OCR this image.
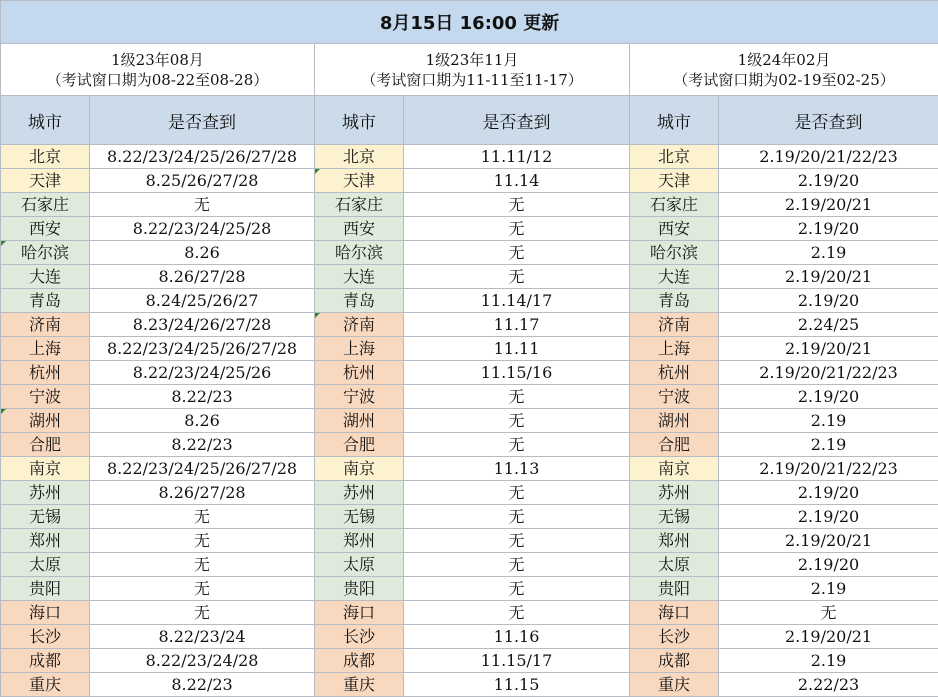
8月15日 16:00 更新					

1级23年08月
（考试窗口期为08-22至08-28）		1级23年11月
（考试窗口期为11-11至11-17）		1级24年02月
（考试窗口期为02-19至02-25）	

城市	是否查到	城市	是否查到	城市	是否查到
北京	8.22/23/24/25/26/27/28	北京	11.11/12	北京	2.19/20/21/22/23
天津	8.25/26/27/28	天津	11.14	天津	2.19/20
石家庄	无	石家庄	无	石家庄	2.19/20/21
西安	8.22/23/24/25/28	西安	无	西安	2.19/20

哈尔滨	8.26	哈尔滨	无	哈尔滨	2.19
大连	8.26/27/28	大连	无	大连	2.19/20/21
青岛	8.24/25/26/27	青岛	11.14/17	青岛	2.19/20
济南	8.23/24/26/27/28	济南	11.17	济南	2.24/25
上海	8.22/23/24/25/26/27/28	上海	11.11	上海	2.19/20/21
杭州	8.22/23/24/25/26	杭州	11.15/16	杭州	2.19/20/21/22/23
宁波	8.22/23	宁波	无	宁波	2.19/20

湖州	8.26	湖州	无	湖州	2.19
合肥	8.22/23	合肥	无	合肥	2.19
南京	8.22/23/24/25/26/27/28	南京	11.13	南京	2.19/20/21/22/23
苏州	8.26/27/28	苏州	无	苏州	2.19/20
无锡	无	无锡	无	无锡	2.19/20
郑州	无	郑州	无	郑州	2.19/20/21
太原	无	太原	无	太原	2.19/20
贵阳	无	贵阳	无	贵阳	2.19
海口	无	海口	无	海口	无
长沙	8.22/23/24	长沙	11.16	长沙	2.19/20/21
成都	8.22/23/24/28	成都	11.15/17	成都	2.19
重庆	8.22/23	重庆	11.15	重庆	2.22/23
